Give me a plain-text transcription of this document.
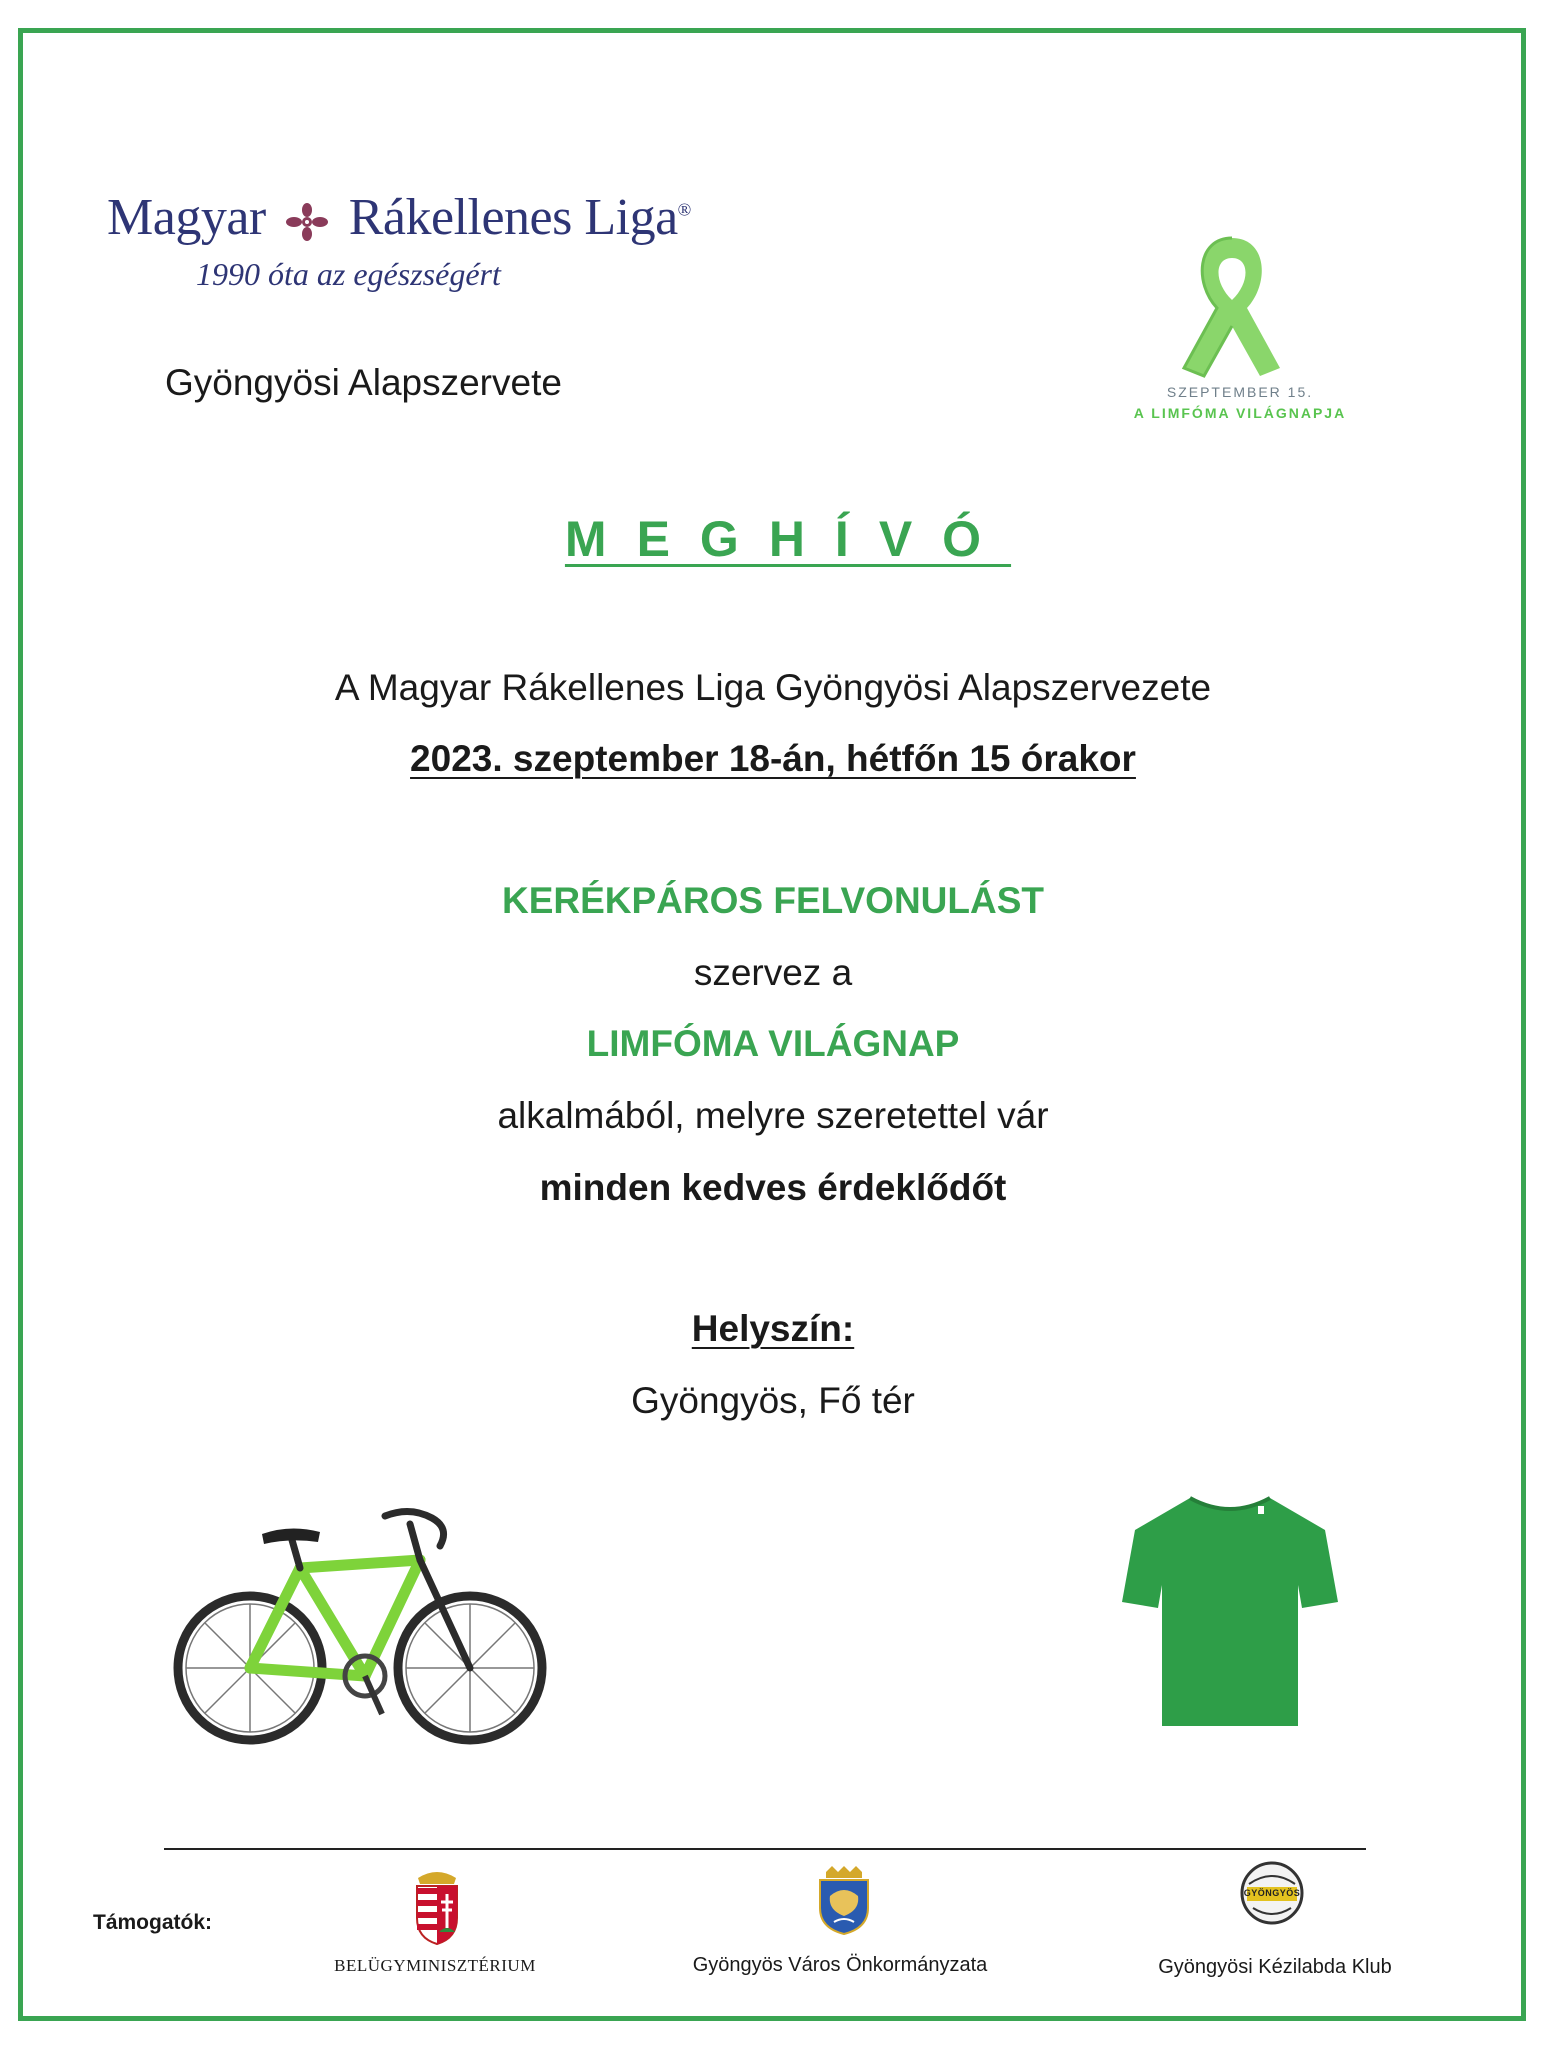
Magyar Rákellenes Liga®
1990 óta az egészségért
Gyöngyösi Alapszervete	SZEPTEMBER 15.
A LIMFÓMA VILÁGNAPJA
MEGHÍVÓ
A Magyar Rákellenes Liga Gyöngyösi Alapszervezete
2023. szeptember 18-án, hétfőn 15 órakor
KERÉKPÁROS FELVONULÁST
szervez a
LIMFÓMA VILÁGNAP
alkalmából, melyre szeretettel vár
minden kedves érdeklődőt
Helyszín:
Gyöngyös, Fő tér
Támogatók:
BELÜGYMINISZTÉRIUM	Gyöngyös Város Önkormányzata
GYÖNGYÖS
Gyöngyösi Kézilabda Klub
